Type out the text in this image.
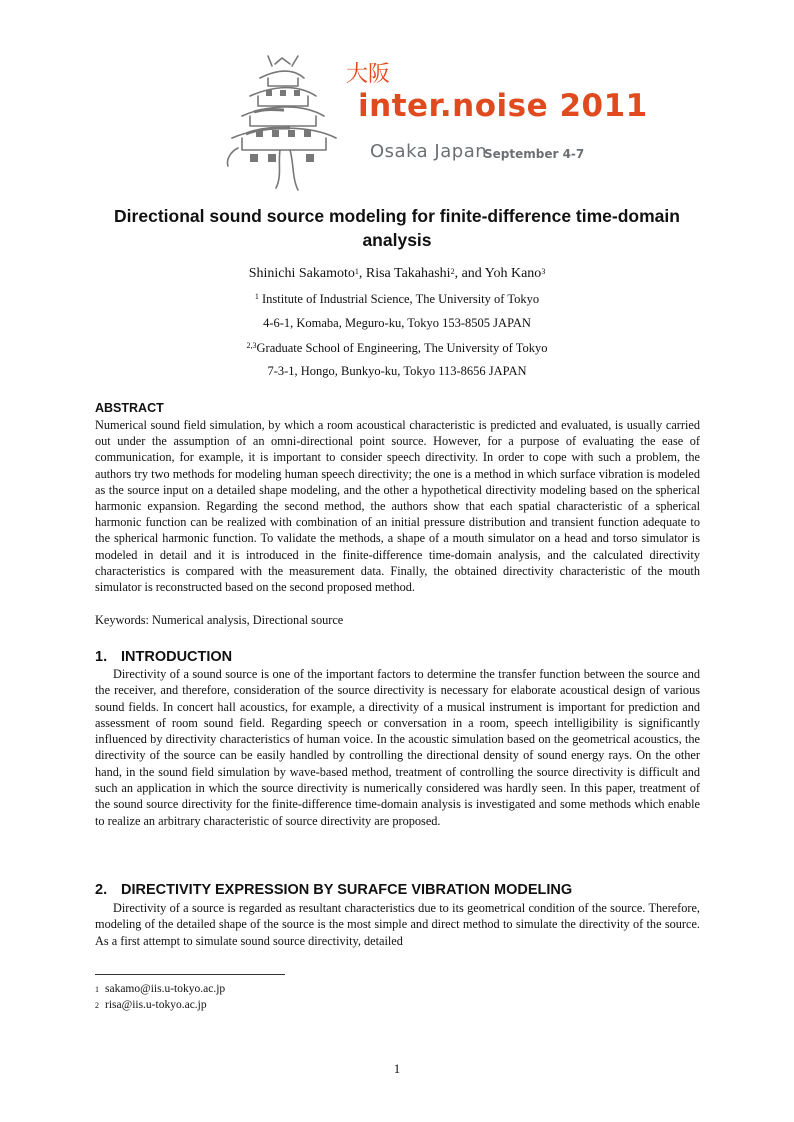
大阪
inter.noise 2011
Osaka Japan
September 4-7
Directional sound source modeling for finite-difference time-domain analysis
Shinichi Sakamoto$^1$, Risa Takahashi$^2$, and Yoh Kano$^3$
$^1$ Institute of Industrial Science, The University of Tokyo
4-6-1, Komaba, Meguro-ku, Tokyo 153-8505 JAPAN
$^{2,3}$Graduate School of Engineering, The University of Tokyo
7-3-1, Hongo, Bunkyo-ku, Tokyo 113-8656 JAPAN
ABSTRACT

Numerical sound field simulation, by which a room acoustical characteristic is predicted and evaluated, is usually carried out under the assumption of an omni-directional point source. However, for a purpose of evaluating the ease of communication, for example, it is important to consider speech directivity. In order to cope with such a problem, the authors try two methods for modeling human speech directivity; the one is a method in which surface vibration is modeled as the source input on a detailed shape modeling, and the other a hypothetical directivity modeling based on the spherical harmonic expansion. Regarding the second method, the authors show that each spatial characteristic of a spherical harmonic function can be realized with combination of an initial pressure distribution and transient function adequate to the spherical harmonic function. To validate the methods, a shape of a mouth simulator on a head and torso simulator is modeled in detail and it is introduced in the finite-difference time-domain analysis, and the calculated directivity characteristics is compared with the measurement data. Finally, the obtained directivity characteristic of the mouth simulator is reconstructed based on the second proposed method.

Keywords: Numerical analysis, Directional source

1. INTRODUCTION

Directivity of a sound source is one of the important factors to determine the transfer function between the source and the receiver, and therefore, consideration of the source directivity is necessary for elaborate acoustical design of various sound fields. In concert hall acoustics, for example, a directivity of a musical instrument is important for prediction and assessment of room sound field. Regarding speech or conversation in a room, speech intelligibility is significantly influenced by directivity characteristics of human voice. In the acoustic simulation based on the geometrical acoustics, the directivity of the source can be easily handled by controlling the directional density of sound energy rays. On the other hand, in the sound field simulation by wave-based method, treatment of controlling the source directivity is difficult and such an application in which the source directivity is numerically considered was hardly seen. In this paper, treatment of the sound source directivity for the finite-difference time-domain analysis is investigated and some methods which enable to realize an arbitrary characteristic of source directivity are proposed.

2. DIRECTIVITY EXPRESSION BY SURAFCE VIBRATION MODELING

Directivity of a source is regarded as resultant characteristics due to its geometrical condition of the source. Therefore, modeling of the detailed shape of the source is the most simple and direct method to simulate the directivity of the source. As a first attempt to simulate sound source directivity, detailed

1 sakamo@iis.u-tokyo.ac.jp
2 risa@iis.u-tokyo.ac.jp
1
